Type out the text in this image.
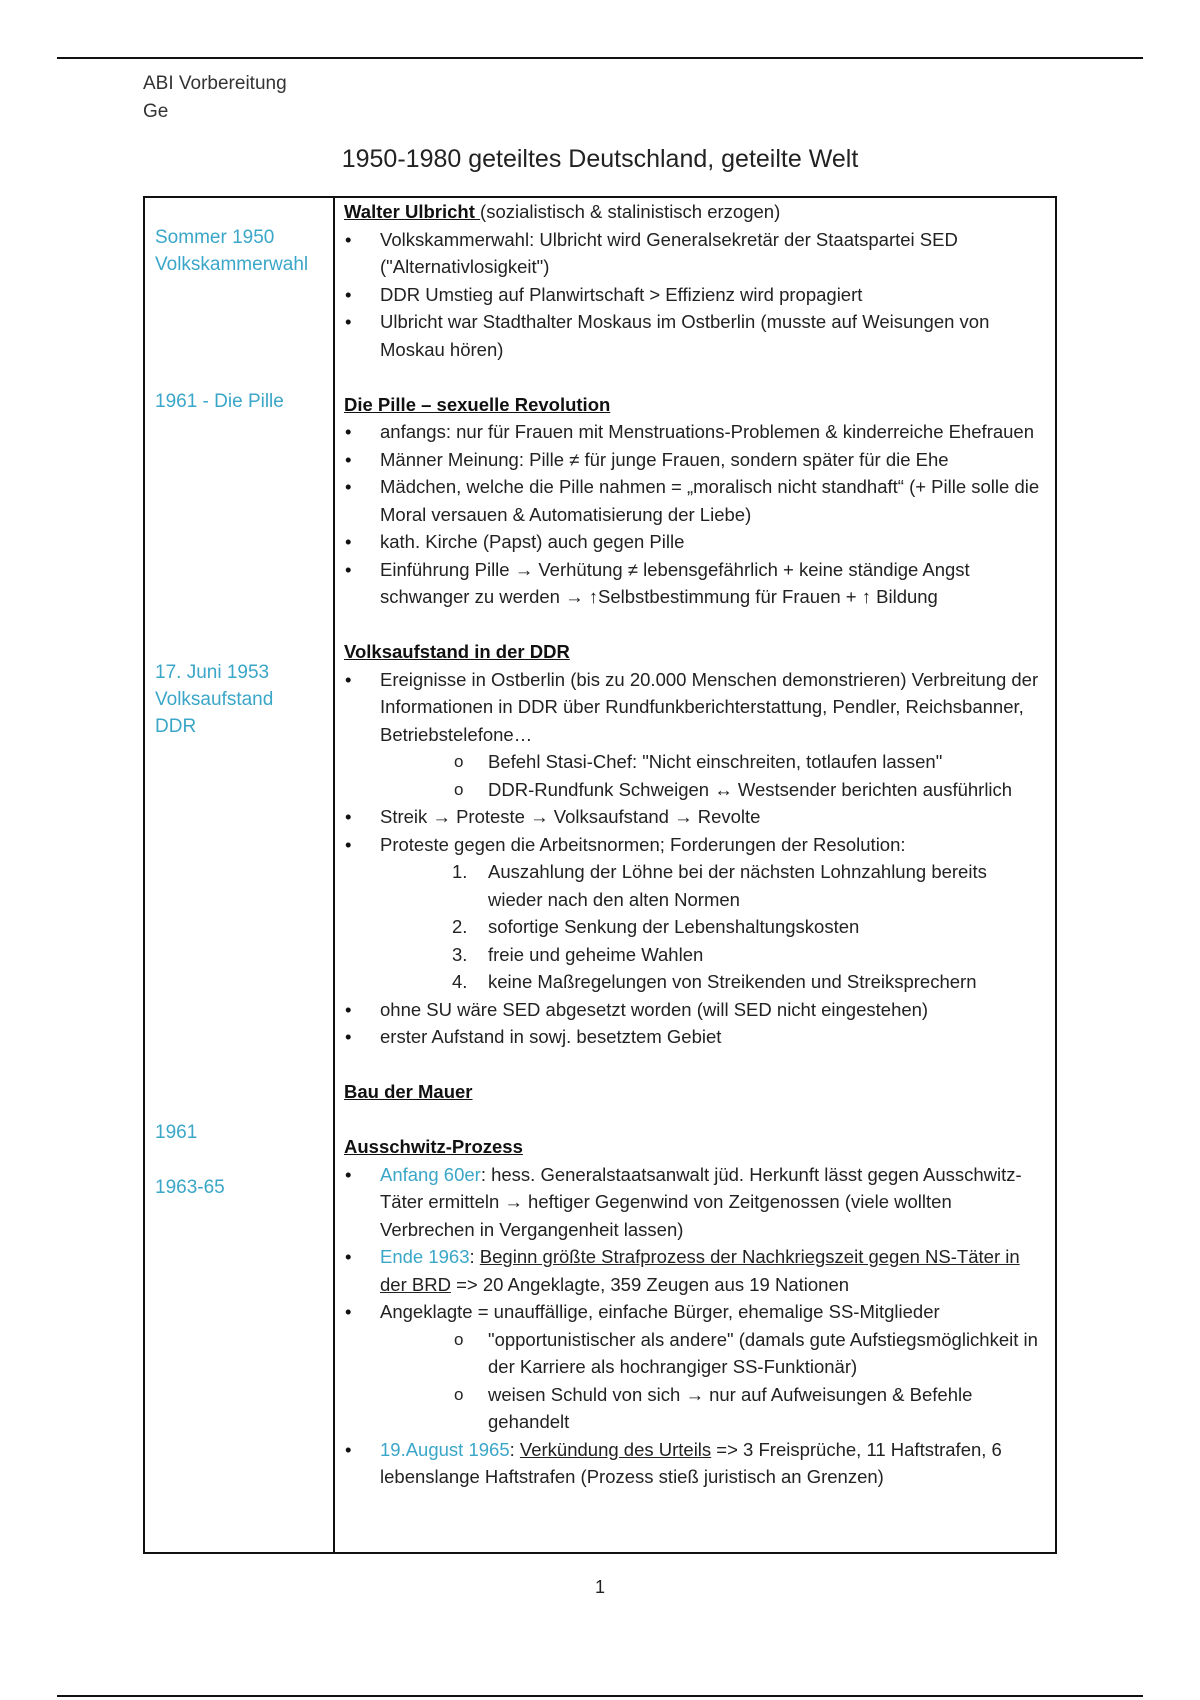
ABI Vorbereitung
Ge
1950-1980 geteiltes Deutschland, geteilte Welt
Sommer 1950
Volkskammerwahl
1961 - Die Pille
17. Juni 1953
Volksaufstand
DDR
1961
1963-65
Walter Ulbricht (sozialistisch & stalinistisch erzogen)
• Volkskammerwahl: Ulbricht wird Generalsekretär der Staatspartei SED ("Alternativlosigkeit")
• DDR Umstieg auf Planwirtschaft > Effizienz wird propagiert
• Ulbricht war Stadthalter Moskaus im Ostberlin (musste auf Weisungen von Moskau hören)
Die Pille – sexuelle Revolution
• anfangs: nur für Frauen mit Menstruations-Problemen & kinderreiche Ehefrauen
• Männer Meinung: Pille ≠ für junge Frauen, sondern später für die Ehe
• Mädchen, welche die Pille nahmen = „moralisch nicht standhaft“ (+ Pille solle die Moral versauen & Automatisierung der Liebe)
• kath. Kirche (Papst) auch gegen Pille
• Einführung Pille → Verhütung ≠ lebensgefährlich + keine ständige Angst schwanger zu werden → ↑Selbstbestimmung für Frauen + ↑ Bildung
Volksaufstand in der DDR
• Ereignisse in Ostberlin (bis zu 20.000 Menschen demonstrieren) Verbreitung der Informationen in DDR über Rundfunkberichterstattung, Pendler, Reichsbanner, Betriebstelefone…
o Befehl Stasi-Chef: "Nicht einschreiten, totlaufen lassen"
o DDR-Rundfunk Schweigen ↔ Westsender berichten ausführlich
• Streik → Proteste → Volksaufstand → Revolte
• Proteste gegen die Arbeitsnormen; Forderungen der Resolution:
1. Auszahlung der Löhne bei der nächsten Lohnzahlung bereits wieder nach den alten Normen
2. sofortige Senkung der Lebenshaltungskosten
3. freie und geheime Wahlen
4. keine Maßregelungen von Streikenden und Streiksprechern
• ohne SU wäre SED abgesetzt worden (will SED nicht eingestehen)
• erster Aufstand in sowj. besetztem Gebiet
Bau der Mauer
Ausschwitz-Prozess
• Anfang 60er: hess. Generalstaatsanwalt jüd. Herkunft lässt gegen Ausschwitz-Täter ermitteln → heftiger Gegenwind von Zeitgenossen (viele wollten Verbrechen in Vergangenheit lassen)
• Ende 1963: Beginn größte Strafprozess der Nachkriegszeit gegen NS-Täter in der BRD => 20 Angeklagte, 359 Zeugen aus 19 Nationen
• Angeklagte = unauffällige, einfache Bürger, ehemalige SS-Mitglieder
o "opportunistischer als andere" (damals gute Aufstiegsmöglichkeit in der Karriere als hochrangiger SS-Funktionär)
o weisen Schuld von sich → nur auf Aufweisungen & Befehle gehandelt
• 19.August 1965: Verkündung des Urteils => 3 Freisprüche, 11 Haftstrafen, 6 lebenslange Haftstrafen (Prozess stieß juristisch an Grenzen)
1
